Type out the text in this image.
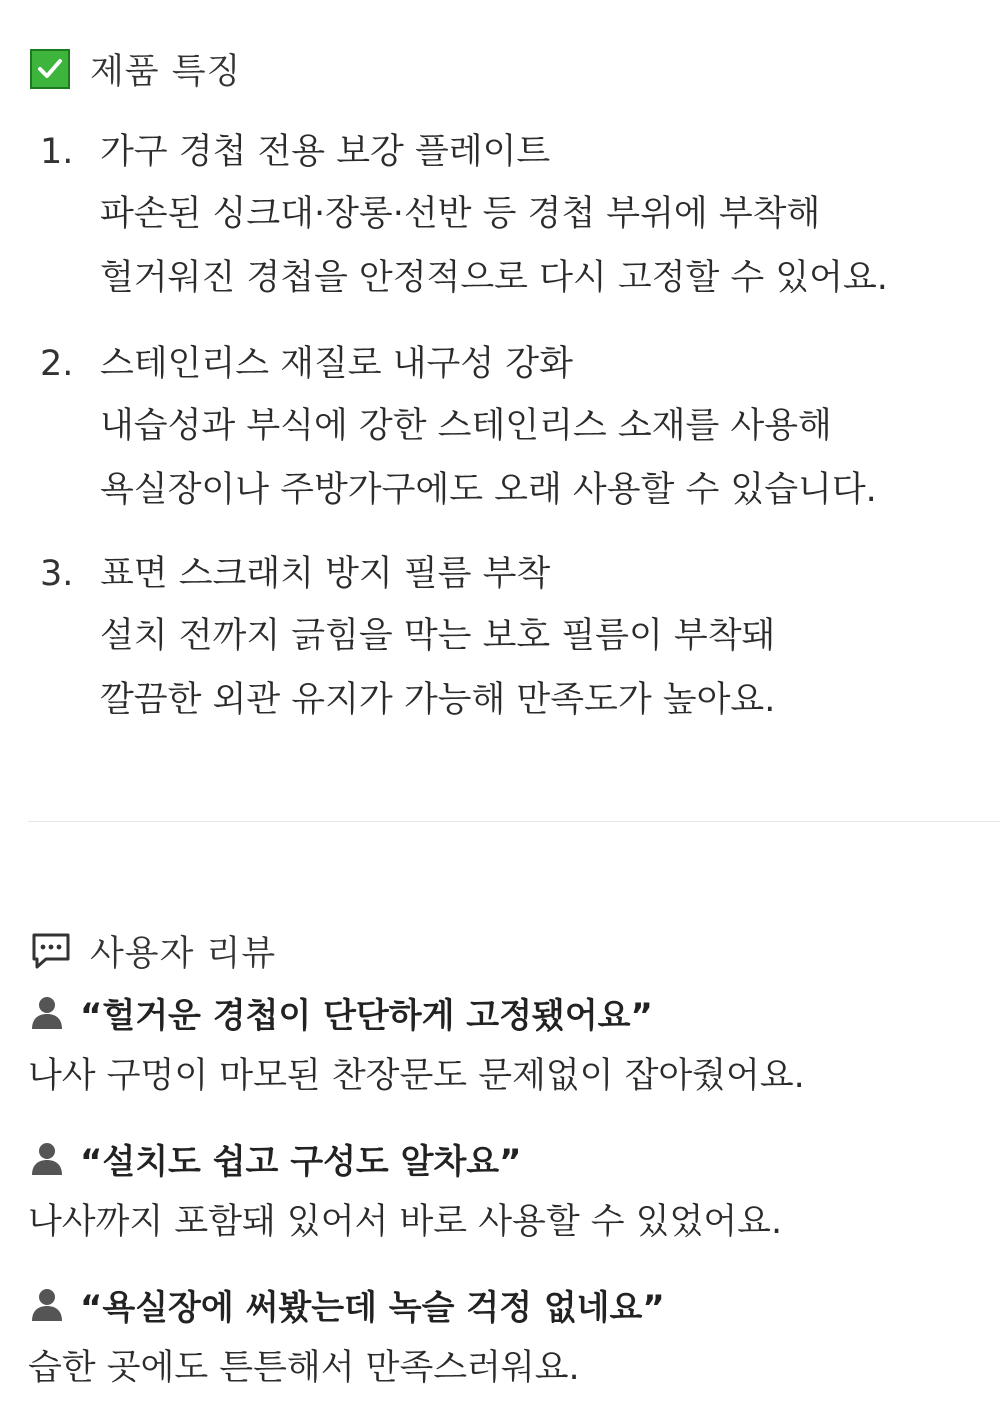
제품 특징
1. 가구 경첩 전용 보강 플레이트
파손된 싱크대·장롱·선반 등 경첩 부위에 부착해
헐거워진 경첩을 안정적으로 다시 고정할 수 있어요.
2. 스테인리스 재질로 내구성 강화
내습성과 부식에 강한 스테인리스 소재를 사용해
욕실장이나 주방가구에도 오래 사용할 수 있습니다.
3. 표면 스크래치 방지 필름 부착
설치 전까지 긁힘을 막는 보호 필름이 부착돼
깔끔한 외관 유지가 가능해 만족도가 높아요.
사용자 리뷰
“헐거운 경첩이 단단하게 고정됐어요”
나사 구멍이 마모된 찬장문도 문제없이 잡아줬어요.
“설치도 쉽고 구성도 알차요”
나사까지 포함돼 있어서 바로 사용할 수 있었어요.
“욕실장에 써봤는데 녹슬 걱정 없네요”
습한 곳에도 튼튼해서 만족스러워요.
